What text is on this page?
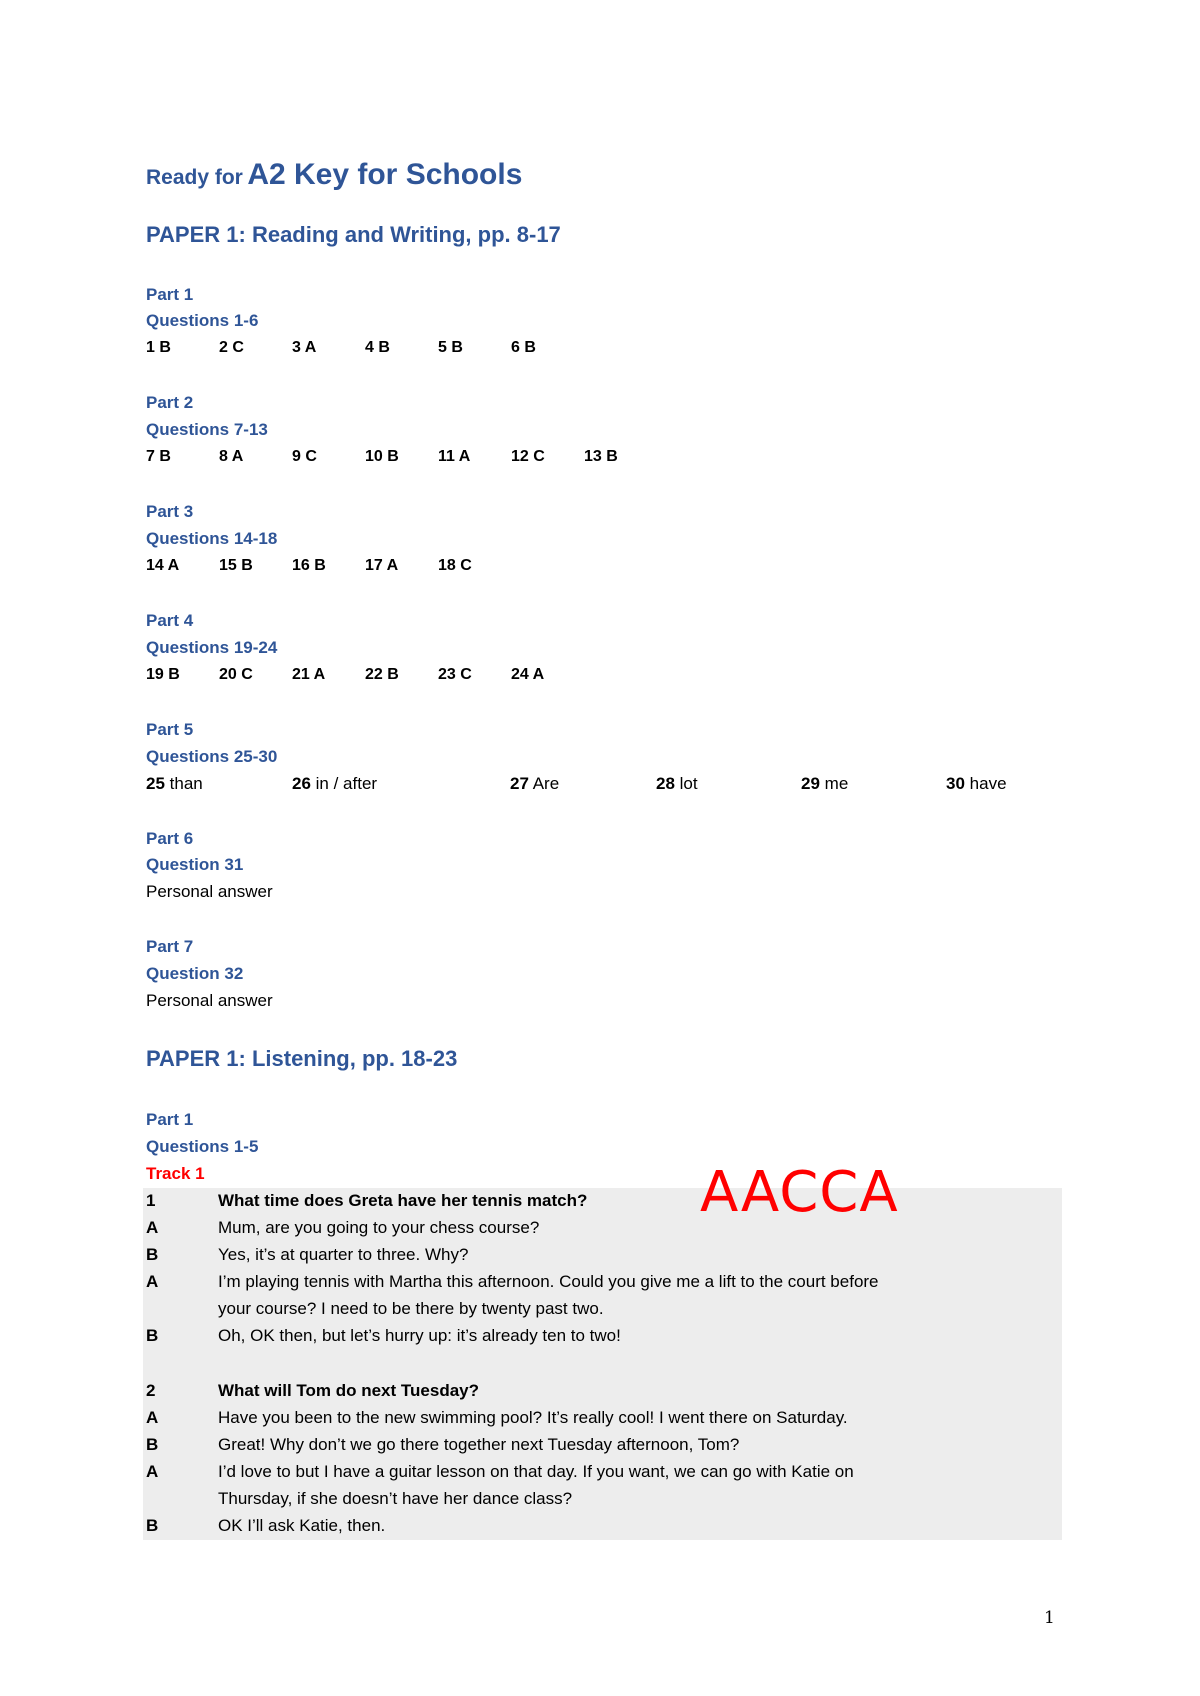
Ready for A2 Key for Schools
PAPER 1: Reading and Writing, pp. 8-17
Part 1
Questions 1-6
1 B	2 C	3 A	4 B	5 B	6 B
Part 2
Questions 7-13
7 B	8 A	9 C	10 B 11 A	12 C 13 B
Part 3
Questions 14-18
14 A 15 B 16 B 17 A 18 C
Part 4
Questions 19-24
19 B 20 C 21 A 22 B 23 C 24 A
Part 5
Questions 25-30
25 than	26 in / after	27 Are	28 lot	29 me	30 have
Part 6
Question 31
Personal answer
Part 7
Question 32
Personal answer
PAPER 1: Listening, pp. 18-23
Part 1
Questions 1-5
Track 1
1	What time does Greta have her tennis match?
A	Mum, are you going to your chess course?
B	Yes, it’s at quarter to three. Why?
A	I’m playing tennis with Martha this afternoon. Could you give me a lift to the court before
your course? I need to be there by twenty past two.
B	Oh, OK then, but let’s hurry up: it’s already ten to two!
2	What will Tom do next Tuesday?
A	Have you been to the new swimming pool? It’s really cool! I went there on Saturday.
B	Great! Why don’t we go there together next Tuesday afternoon, Tom?
A	I’d love to but I have a guitar lesson on that day. If you want, we can go with Katie on
Thursday, if she doesn’t have her dance class?
B	OK I’ll ask Katie, then.
AACCA
1
